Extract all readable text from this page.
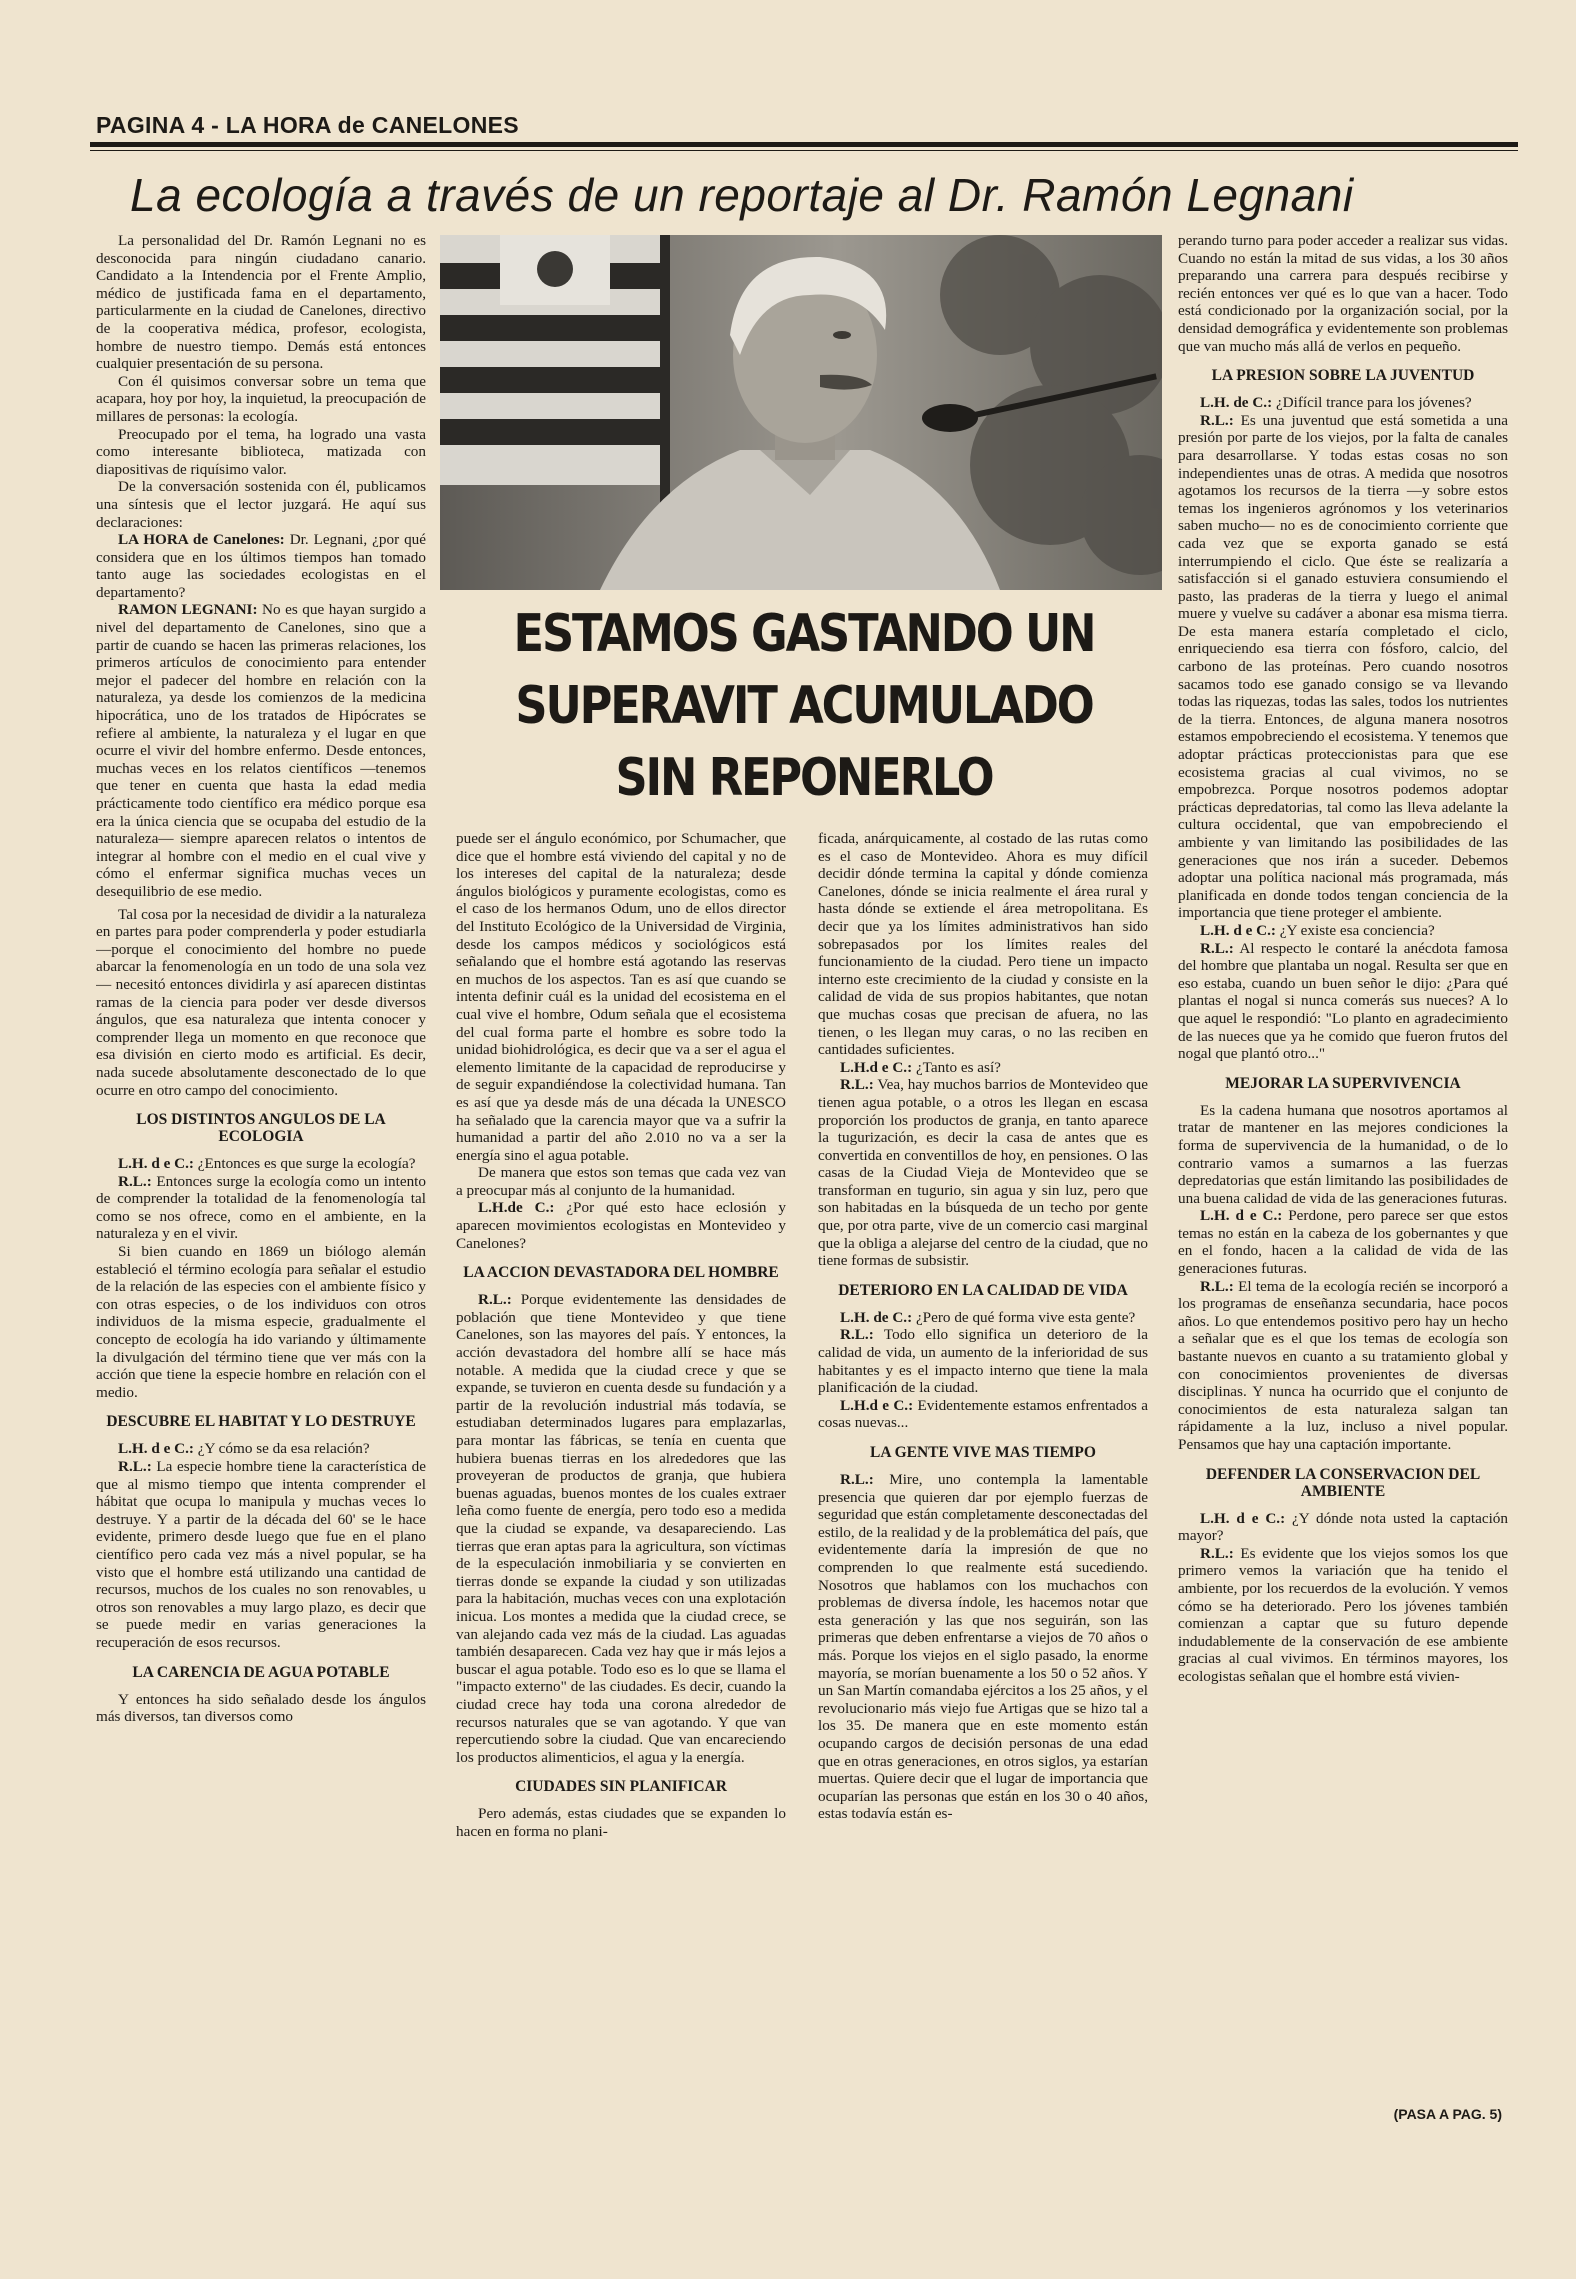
PAGINA 4 - LA HORA de CANELONES
La ecología a través de un reportaje al Dr. Ramón Legnani

La personalidad del Dr. Ramón Legnani no es desconocida para ningún ciudadano canario. Candidato a la Intendencia por el Frente Amplio, médico de justificada fama en el departamento, particularmente en la ciudad de Canelones, directivo de la cooperativa médica, profesor, ecologista, hombre de nuestro tiempo. Demás está entonces cualquier presentación de su persona.

Con él quisimos conversar sobre un tema que acapara, hoy por hoy, la inquietud, la preocupación de millares de personas: la ecología.

Preocupado por el tema, ha logrado una vasta como interesante biblioteca, matizada con diapositivas de riquísimo valor.

De la conversación sostenida con él, publicamos una síntesis que el lector juzgará. He aquí sus declaraciones:

LA HORA de Canelones: Dr. Legnani, ¿por qué considera que en los últimos tiempos han tomado tanto auge las sociedades ecologistas en el departamento?

RAMON LEGNANI: No es que hayan surgido a nivel del departamento de Canelones, sino que a partir de cuando se hacen las primeras relaciones, los primeros artículos de conocimiento para entender mejor el padecer del hombre en relación con la naturaleza, ya desde los comienzos de la medicina hipocrática, uno de los tratados de Hipócrates se refiere al ambiente, la naturaleza y el lugar en que ocurre el vivir del hombre enfermo. Desde entonces, muchas veces en los relatos científicos —tenemos que tener en cuenta que hasta la edad media prácticamente todo científico era médico porque esa era la única ciencia que se ocupaba del estudio de la naturaleza— siempre aparecen relatos o intentos de integrar al hombre con el medio en el cual vive y cómo el enfermar significa muchas veces un desequilibrio de ese medio.

Tal cosa por la necesidad de dividir a la naturaleza en partes para poder comprenderla y poder estudiarla —porque el conocimiento del hombre no puede abarcar la fenomenología en un todo de una sola vez— necesitó entonces dividirla y así aparecen distintas ramas de la ciencia para poder ver desde diversos ángulos, que esa naturaleza que intenta conocer y comprender llega un momento en que reconoce que esa división en cierto modo es artificial. Es decir, nada sucede absolutamente desconectado de lo que ocurre en otro campo del conocimiento.

LOS DISTINTOS ANGULOS DE LA ECOLOGIA

L.H. d e C.: ¿Entonces es que surge la ecología?

R.L.: Entonces surge la ecología como un intento de comprender la totalidad de la fenomenología tal como se nos ofrece, como en el ambiente, en la naturaleza y en el vivir.

Si bien cuando en 1869 un biólogo alemán estableció el término ecología para señalar el estudio de la relación de las especies con el ambiente físico y con otras especies, o de los individuos con otros individuos de la misma especie, gradualmente el concepto de ecología ha ido variando y últimamente la divulgación del término tiene que ver más con la acción que tiene la especie hombre en relación con el medio.

DESCUBRE EL HABITAT Y LO DESTRUYE

L.H. d e C.: ¿Y cómo se da esa relación?

R.L.: La especie hombre tiene la característica de que al mismo tiempo que intenta comprender el hábitat que ocupa lo manipula y muchas veces lo destruye. Y a partir de la década del 60' se le hace evidente, primero desde luego que fue en el plano científico pero cada vez más a nivel popular, se ha visto que el hombre está utilizando una cantidad de recursos, muchos de los cuales no son renovables, u otros son renovables a muy largo plazo, es decir que se puede medir en varias generaciones la recuperación de esos recursos.

LA CARENCIA DE AGUA POTABLE

Y entonces ha sido señalado desde los ángulos más diversos, tan diversos como

ESTAMOS GASTANDO UN
SUPERAVIT ACUMULADO
SIN REPONERLO

puede ser el ángulo económico, por Schumacher, que dice que el hombre está viviendo del capital y no de los intereses del capital de la naturaleza; desde ángulos biológicos y puramente ecologistas, como es el caso de los hermanos Odum, uno de ellos director del Instituto Ecológico de la Universidad de Virginia, desde los campos médicos y sociológicos está señalando que el hombre está agotando las reservas en muchos de los aspectos. Tan es así que cuando se intenta definir cuál es la unidad del ecosistema en el cual vive el hombre, Odum señala que el ecosistema del cual forma parte el hombre es sobre todo la unidad biohidrológica, es decir que va a ser el agua el elemento limitante de la capacidad de reproducirse y de seguir expandiéndose la colectividad humana. Tan es así que ya desde más de una década la UNESCO ha señalado que la carencia mayor que va a sufrir la humanidad a partir del año 2.010 no va a ser la energía sino el agua potable.

De manera que estos son temas que cada vez van a preocupar más al conjunto de la humanidad.

L.H.de C.: ¿Por qué esto hace eclosión y aparecen movimientos ecologistas en Montevideo y Canelones?

LA ACCION DEVASTADORA DEL HOMBRE

R.L.: Porque evidentemente las densidades de población que tiene Montevideo y que tiene Canelones, son las mayores del país. Y entonces, la acción devastadora del hombre allí se hace más notable. A medida que la ciudad crece y que se expande, se tuvieron en cuenta desde su fundación y a partir de la revolución industrial más todavía, se estudiaban determinados lugares para emplazarlas, para montar las fábricas, se tenía en cuenta que hubiera buenas tierras en los alrededores que las proveyeran de productos de granja, que hubiera buenas aguadas, buenos montes de los cuales extraer leña como fuente de energía, pero todo eso a medida que la ciudad se expande, va desapareciendo. Las tierras que eran aptas para la agricultura, son víctimas de la especulación inmobiliaria y se convierten en tierras donde se expande la ciudad y son utilizadas para la habitación, muchas veces con una explotación inicua. Los montes a medida que la ciudad crece, se van alejando cada vez más de la ciudad. Las aguadas también desaparecen. Cada vez hay que ir más lejos a buscar el agua potable. Todo eso es lo que se llama el "impacto externo" de las ciudades. Es decir, cuando la ciudad crece hay toda una corona alrededor de recursos naturales que se van agotando. Y que van repercutiendo sobre la ciudad. Que van encareciendo los productos alimenticios, el agua y la energía.

CIUDADES SIN PLANIFICAR

Pero además, estas ciudades que se expanden lo hacen en forma no plani-

ficada, anárquicamente, al costado de las rutas como es el caso de Montevideo. Ahora es muy difícil decidir dónde termina la capital y dónde comienza Canelones, dónde se inicia realmente el área rural y hasta dónde se extiende el área metropolitana. Es decir que ya los límites administrativos han sido sobrepasados por los límites reales del funcionamiento de la ciudad. Pero tiene un impacto interno este crecimiento de la ciudad y consiste en la calidad de vida de sus propios habitantes, que notan que muchas cosas que precisan de afuera, no las tienen, o les llegan muy caras, o no las reciben en cantidades suficientes.

L.H.d e C.: ¿Tanto es así?

R.L.: Vea, hay muchos barrios de Montevideo que tienen agua potable, o a otros les llegan en escasa proporción los productos de granja, en tanto aparece la tugurización, es decir la casa de antes que es convertida en conventillos de hoy, en pensiones. O las casas de la Ciudad Vieja de Montevideo que se transforman en tugurio, sin agua y sin luz, pero que son habitadas en la búsqueda de un techo por gente que, por otra parte, vive de un comercio casi marginal que la obliga a alejarse del centro de la ciudad, que no tiene formas de subsistir.

DETERIORO EN LA CALIDAD DE VIDA

L.H. de C.: ¿Pero de qué forma vive esta gente?

R.L.: Todo ello significa un deterioro de la calidad de vida, un aumento de la inferioridad de sus habitantes y es el impacto interno que tiene la mala planificación de la ciudad.

L.H.d e C.: Evidentemente estamos enfrentados a cosas nuevas...

LA GENTE VIVE MAS TIEMPO

R.L.: Mire, uno contempla la lamentable presencia que quieren dar por ejemplo fuerzas de seguridad que están completamente desconectadas del estilo, de la realidad y de la problemática del país, que evidentemente daría la impresión de que no comprenden lo que realmente está sucediendo. Nosotros que hablamos con los muchachos con problemas de diversa índole, les hacemos notar que esta generación y las que nos seguirán, son las primeras que deben enfrentarse a viejos de 70 años o más. Porque los viejos en el siglo pasado, la enorme mayoría, se morían buenamente a los 50 o 52 años. Y un San Martín comandaba ejércitos a los 25 años, y el revolucionario más viejo fue Artigas que se hizo tal a los 35. De manera que en este momento están ocupando cargos de decisión personas de una edad que en otras generaciones, en otros siglos, ya estarían muertas. Quiere decir que el lugar de importancia que ocuparían las personas que están en los 30 o 40 años, estas todavía están es-

perando turno para poder acceder a realizar sus vidas. Cuando no están la mitad de sus vidas, a los 30 años preparando una carrera para después recibirse y recién entonces ver qué es lo que van a hacer. Todo está condicionado por la organización social, por la densidad demográfica y evidentemente son problemas que van mucho más allá de verlos en pequeño.

LA PRESION SOBRE LA JUVENTUD

L.H. de C.: ¿Difícil trance para los jóvenes?

R.L.: Es una juventud que está sometida a una presión por parte de los viejos, por la falta de canales para desarrollarse. Y todas estas cosas no son independientes unas de otras. A medida que nosotros agotamos los recursos de la tierra —y sobre estos temas los ingenieros agrónomos y los veterinarios saben mucho— no es de conocimiento corriente que cada vez que se exporta ganado se está interrumpiendo el ciclo. Que éste se realizaría a satisfacción si el ganado estuviera consumiendo el pasto, las praderas de la tierra y luego el animal muere y vuelve su cadáver a abonar esa misma tierra. De esta manera estaría completado el ciclo, enriqueciendo esa tierra con fósforo, calcio, del carbono de las proteínas. Pero cuando nosotros sacamos todo ese ganado consigo se va llevando todas las riquezas, todas las sales, todos los nutrientes de la tierra. Entonces, de alguna manera nosotros estamos empobreciendo el ecosistema. Y tenemos que adoptar prácticas proteccionistas para que ese ecosistema gracias al cual vivimos, no se empobrezca. Porque nosotros podemos adoptar prácticas depredatorias, tal como las lleva adelante la cultura occidental, que van empobreciendo el ambiente y van limitando las posibilidades de las generaciones que nos irán a suceder. Debemos adoptar una política nacional más programada, más planificada en donde todos tengan conciencia de la importancia que tiene proteger el ambiente.

L.H. d e C.: ¿Y existe esa conciencia?

R.L.: Al respecto le contaré la anécdota famosa del hombre que plantaba un nogal. Resulta ser que en eso estaba, cuando un buen señor le dijo: ¿Para qué plantas el nogal si nunca comerás sus nueces? A lo que aquel le respondió: "Lo planto en agradecimiento de las nueces que ya he comido que fueron frutos del nogal que plantó otro..."

MEJORAR LA SUPERVIVENCIA

Es la cadena humana que nosotros aportamos al tratar de mantener en las mejores condiciones la forma de supervivencia de la humanidad, o de lo contrario vamos a sumarnos a las fuerzas depredatorias que están limitando las posibilidades de una buena calidad de vida de las generaciones futuras.

L.H. d e C.: Perdone, pero parece ser que estos temas no están en la cabeza de los gobernantes y que en el fondo, hacen a la calidad de vida de las generaciones futuras.

R.L.: El tema de la ecología recién se incorporó a los programas de enseñanza secundaria, hace pocos años. Lo que entendemos positivo pero hay un hecho a señalar que es el que los temas de ecología son bastante nuevos en cuanto a su tratamiento global y con conocimientos provenientes de diversas disciplinas. Y nunca ha ocurrido que el conjunto de conocimientos de esta naturaleza salgan tan rápidamente a la luz, incluso a nivel popular. Pensamos que hay una captación importante.

DEFENDER LA CONSERVACION DEL AMBIENTE

L.H. d e C.: ¿Y dónde nota usted la captación mayor?

R.L.: Es evidente que los viejos somos los que primero vemos la variación que ha tenido el ambiente, por los recuerdos de la evolución. Y vemos cómo se ha deteriorado. Pero los jóvenes también comienzan a captar que su futuro depende indudablemente de la conservación de ese ambiente gracias al cual vivimos. En términos mayores, los ecologistas señalan que el hombre está vivien-

(PASA A PAG. 5)
